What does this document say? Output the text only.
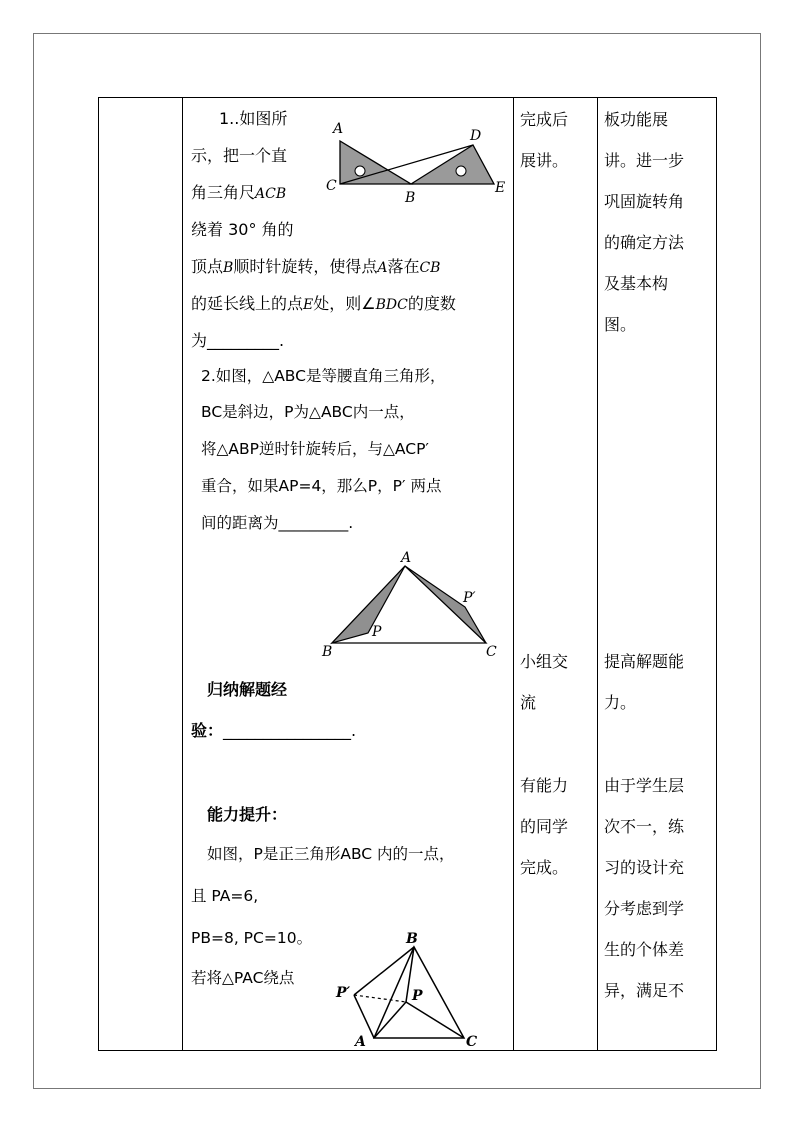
1..如图所
示，把一个直
角三角尺ACB
绕着 30° 角的
顶点B顺时针旋转，使得点A落在CB
的延长线上的点E处，则∠BDC的度数
为_________.
A
C
B
D
E
2.如图，△ABC是等腰直角三角形，
BC是斜边，P为△ABC内一点，
将△ABP逆时针旋转后，与△ACP′
重合，如果AP=4，那么P，P′ 两点
间的距离为_________.
A
B	C
P
P′
归纳解题经
验：________________.
能力提升：
如图，P是正三角形ABC 内的一点，
且 PA=6,
PB=8, PC=10。
若将△PAC绕点
B
P
P′
A	C

完成后
展讲。
小组交
流
有能力
的同学
完成。

板功能展
讲。进一步
巩固旋转角
的确定方法
及基本构
图。
提高解题能
力。
由于学生层
次不一，练
习的设计充
分考虑到学
生的个体差
异，满足不
